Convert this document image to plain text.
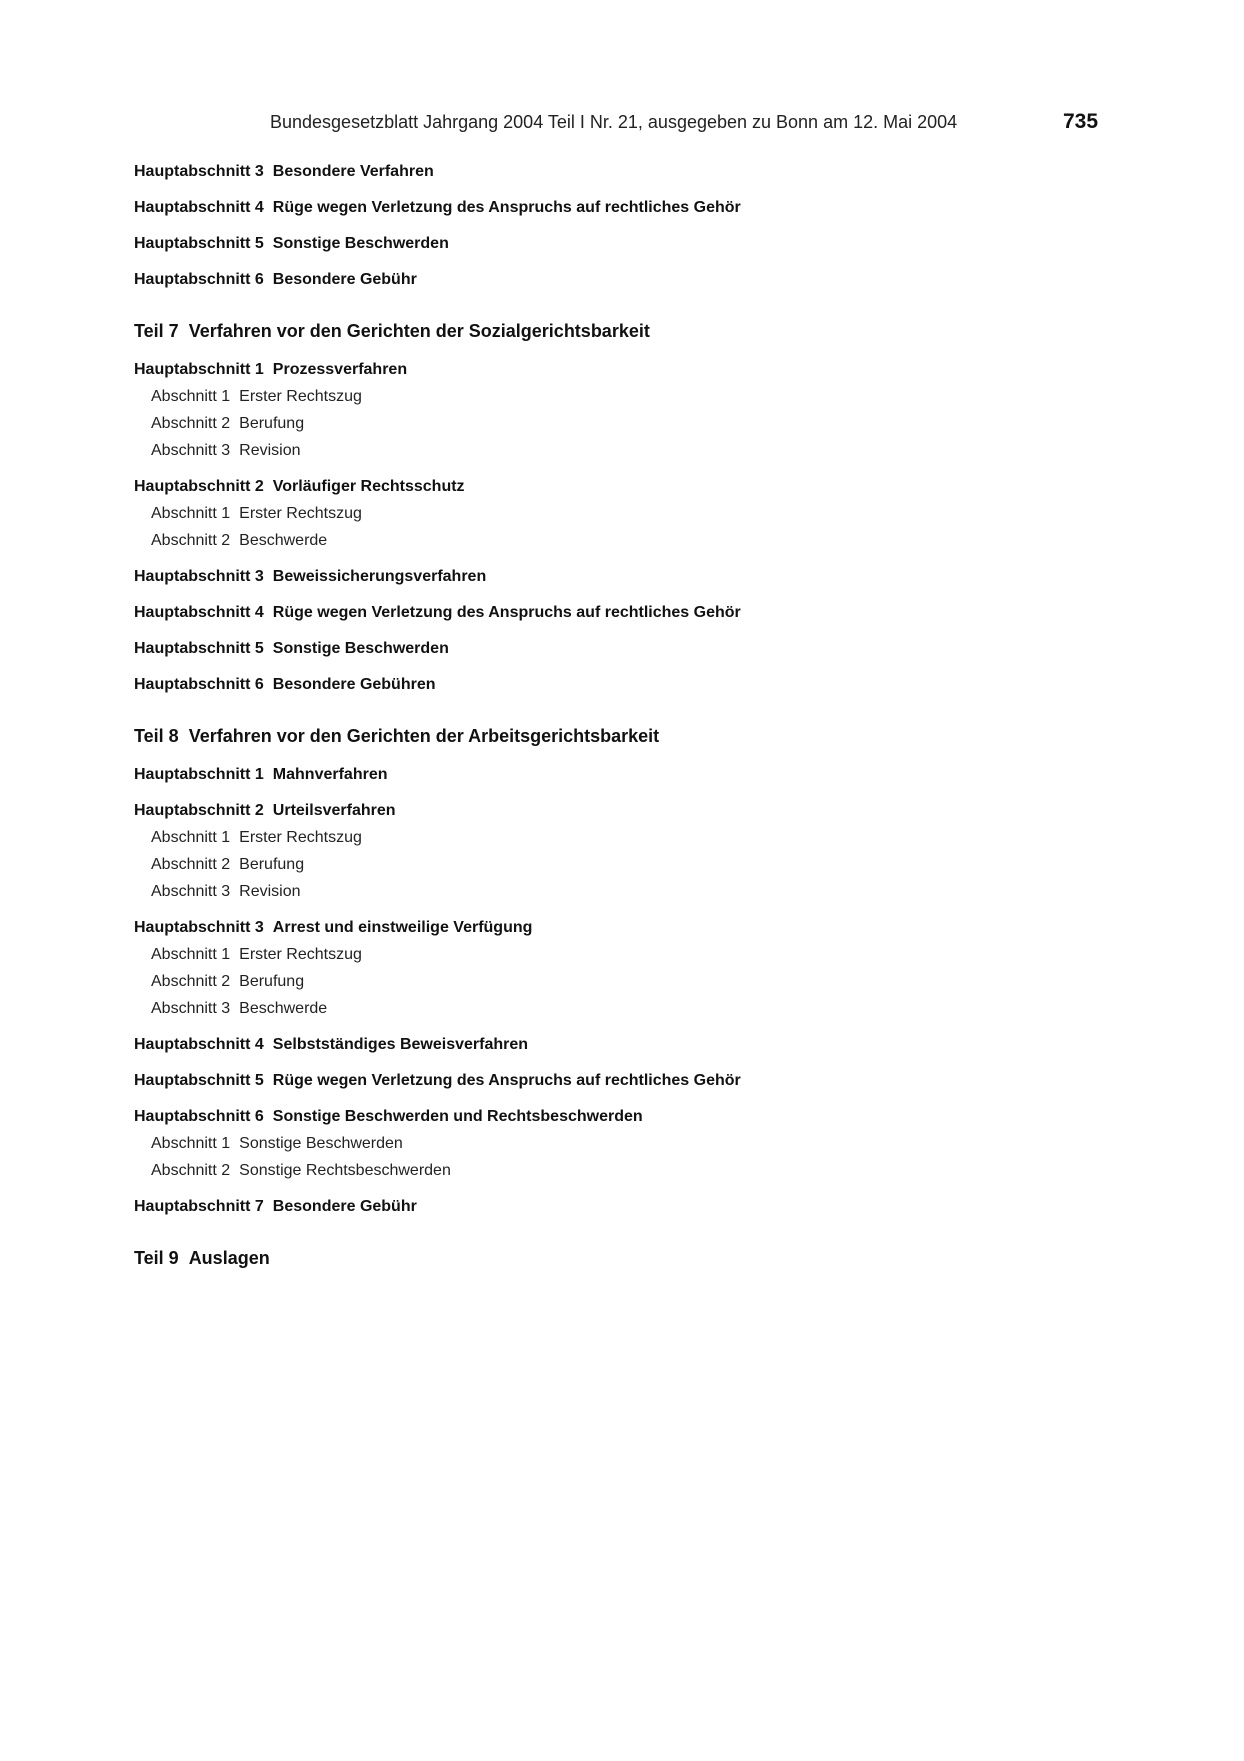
Bundesgesetzblatt Jahrgang 2004 Teil I Nr. 21, ausgegeben zu Bonn am 12. Mai 2004	735
Hauptabschnitt 3 Besondere Verfahren
Hauptabschnitt 4 Rüge wegen Verletzung des Anspruchs auf rechtliches Gehör
Hauptabschnitt 5 Sonstige Beschwerden
Hauptabschnitt 6 Besondere Gebühr
Teil 7 Verfahren vor den Gerichten der Sozialgerichtsbarkeit
Hauptabschnitt 1 Prozessverfahren
Abschnitt 1 Erster Rechtszug
Abschnitt 2 Berufung
Abschnitt 3 Revision
Hauptabschnitt 2 Vorläufiger Rechtsschutz
Abschnitt 1 Erster Rechtszug
Abschnitt 2 Beschwerde
Hauptabschnitt 3 Beweissicherungsverfahren
Hauptabschnitt 4 Rüge wegen Verletzung des Anspruchs auf rechtliches Gehör
Hauptabschnitt 5 Sonstige Beschwerden
Hauptabschnitt 6 Besondere Gebühren
Teil 8 Verfahren vor den Gerichten der Arbeitsgerichtsbarkeit
Hauptabschnitt 1 Mahnverfahren
Hauptabschnitt 2 Urteilsverfahren
Abschnitt 1 Erster Rechtszug
Abschnitt 2 Berufung
Abschnitt 3 Revision
Hauptabschnitt 3 Arrest und einstweilige Verfügung
Abschnitt 1 Erster Rechtszug
Abschnitt 2 Berufung
Abschnitt 3 Beschwerde
Hauptabschnitt 4 Selbstständiges Beweisverfahren
Hauptabschnitt 5 Rüge wegen Verletzung des Anspruchs auf rechtliches Gehör
Hauptabschnitt 6 Sonstige Beschwerden und Rechtsbeschwerden
Abschnitt 1 Sonstige Beschwerden
Abschnitt 2 Sonstige Rechtsbeschwerden
Hauptabschnitt 7 Besondere Gebühr
Teil 9 Auslagen
